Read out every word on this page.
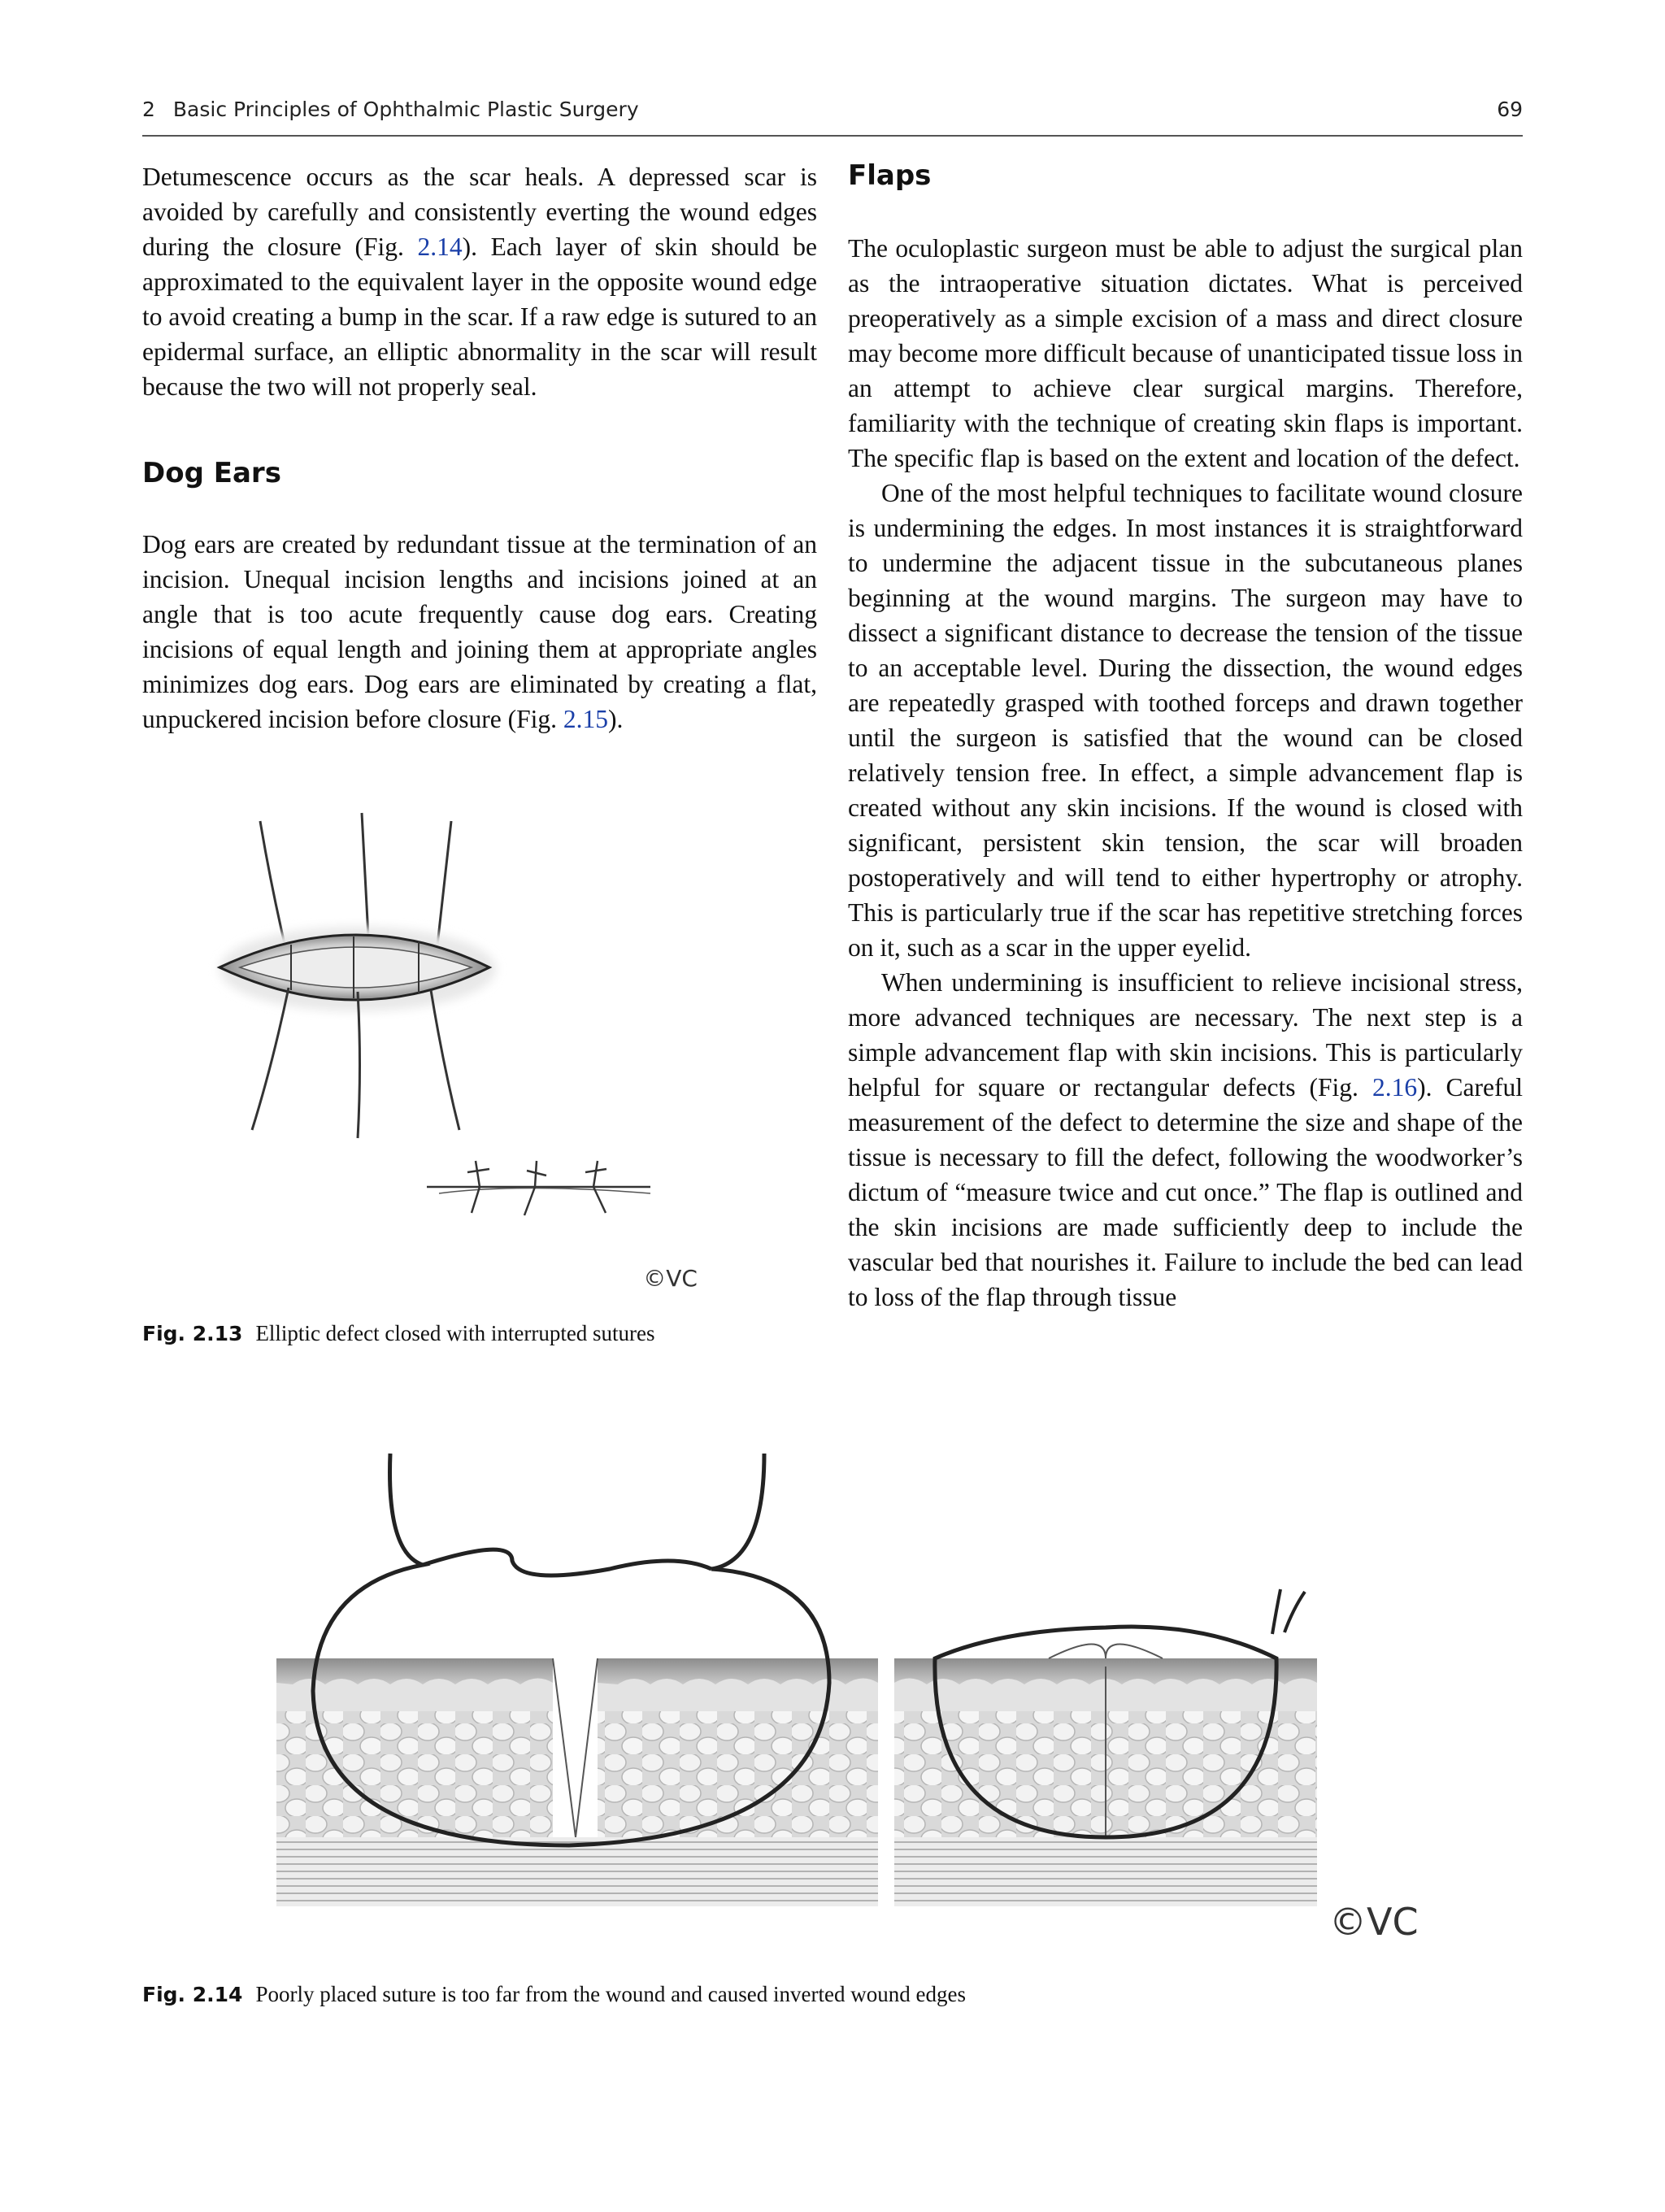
2 Basic Principles of Ophthalmic Plastic Surgery	69

Detumescence occurs as the scar heals. A depressed scar is avoided by carefully and consistently everting the wound edges during the closure (Fig. 2.14). Each layer of skin should be approximated to the equivalent layer in the opposite wound edge to avoid creating a bump in the scar. If a raw edge is sutured to an epidermal surface, an elliptic abnormality in the scar will result because the two will not properly seal.

Dog Ears

Dog ears are created by redundant tissue at the termination of an incision. Unequal incision lengths and incisions joined at an angle that is too acute frequently cause dog ears. Creating incisions of equal length and joining them at appropriate angles minimizes dog ears. Dog ears are eliminated by creating a flat, unpuckered incision before closure (Fig. 2.15).

©VC
Fig. 2.13 Elliptic defect closed with interrupted sutures
Flaps

The oculoplastic surgeon must be able to adjust the surgical plan as the intraoperative situation dictates. What is perceived preoperatively as a simple excision of a mass and direct closure may become more difficult because of unanticipated tissue loss in an attempt to achieve clear surgical margins. Therefore, familiarity with the technique of creating skin flaps is important. The specific flap is based on the extent and location of the defect.

One of the most helpful techniques to facilitate wound closure is undermining the edges. In most instances it is straightforward to undermine the adjacent tissue in the subcutaneous planes beginning at the wound margins. The surgeon may have to dissect a significant distance to decrease the tension of the tissue to an acceptable level. During the dissection, the wound edges are repeatedly grasped with toothed forceps and drawn together until the surgeon is satisfied that the wound can be closed relatively tension free. In effect, a simple advancement flap is created without any skin incisions. If the wound is closed with significant, persistent skin tension, the scar will broaden postoperatively and will tend to either hypertrophy or atrophy. This is particularly true if the scar has repetitive stretching forces on it, such as a scar in the upper eyelid.

When undermining is insufficient to relieve incisional stress, more advanced techniques are necessary. The next step is a simple advancement flap with skin incisions. This is particularly helpful for square or rectangular defects (Fig. 2.16). Careful measurement of the defect to determine the size and shape of the tissue is necessary to fill the defect, following the woodworker’s dictum of “measure twice and cut once.” The flap is outlined and the skin incisions are made sufficiently deep to include the vascular bed that nourishes it. Failure to include the bed can lead to loss of the flap through tissue

©VC
Fig. 2.14 Poorly placed suture is too far from the wound and caused inverted wound edges
